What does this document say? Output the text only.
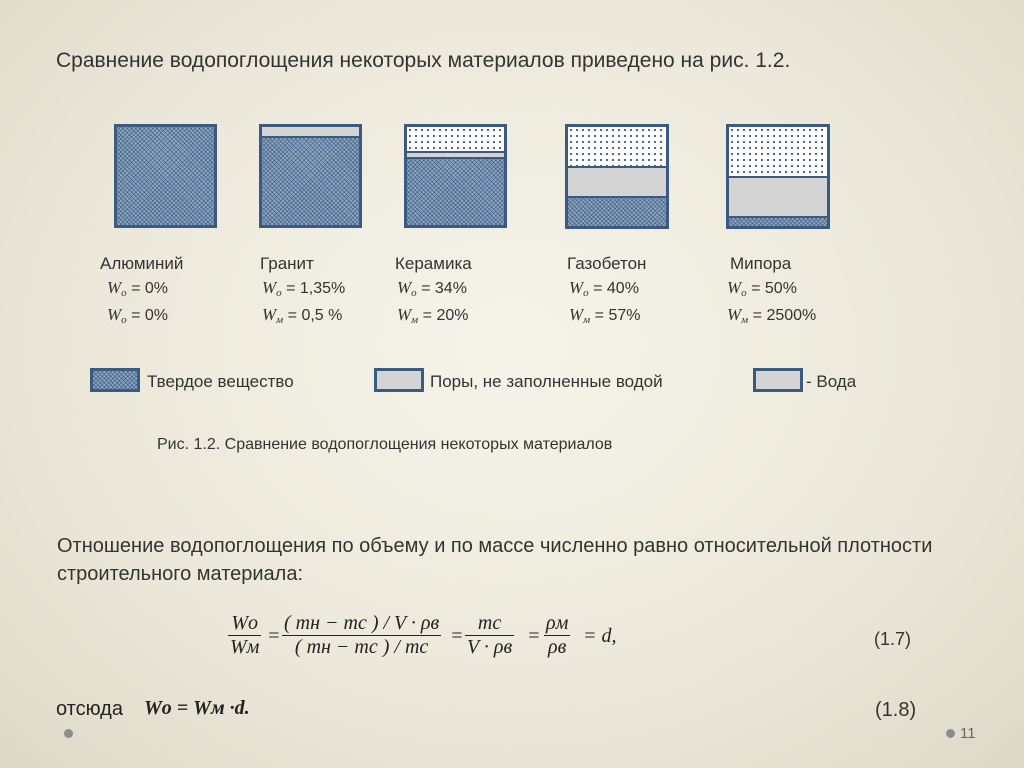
Сравнение водопоглощения некоторых материалов приведено на рис. 1.2.
Алюминий	Гранит	Керамика	Газобетон	Мипора
$W_о = 0\%$	$W_о = 1,35\%$	$W_о = 34\%$	$W_о = 40\%$	$W_о = 50\%$
$W_о = 0\%$	$W_м = 0,5$ %	$W_м = 20\%$	$W_м = 57\%$	$W_м = 2500\%$
Твердое вещество	Поры, не заполненные водой	- Вода
Рис. 1.2. Сравнение водопоглощения некоторых материалов
Отношение водопоглощения по объему и по массе численно равно относительной плотности строительного материала:
Wо
Wм =
( mн − mс ) / V · ρв
( mн − mс ) / mс	=
mс
V · ρв =
ρм
ρв = d,	(1.7)
отсюда Wо = Wм ·d.	(1.8)
11
